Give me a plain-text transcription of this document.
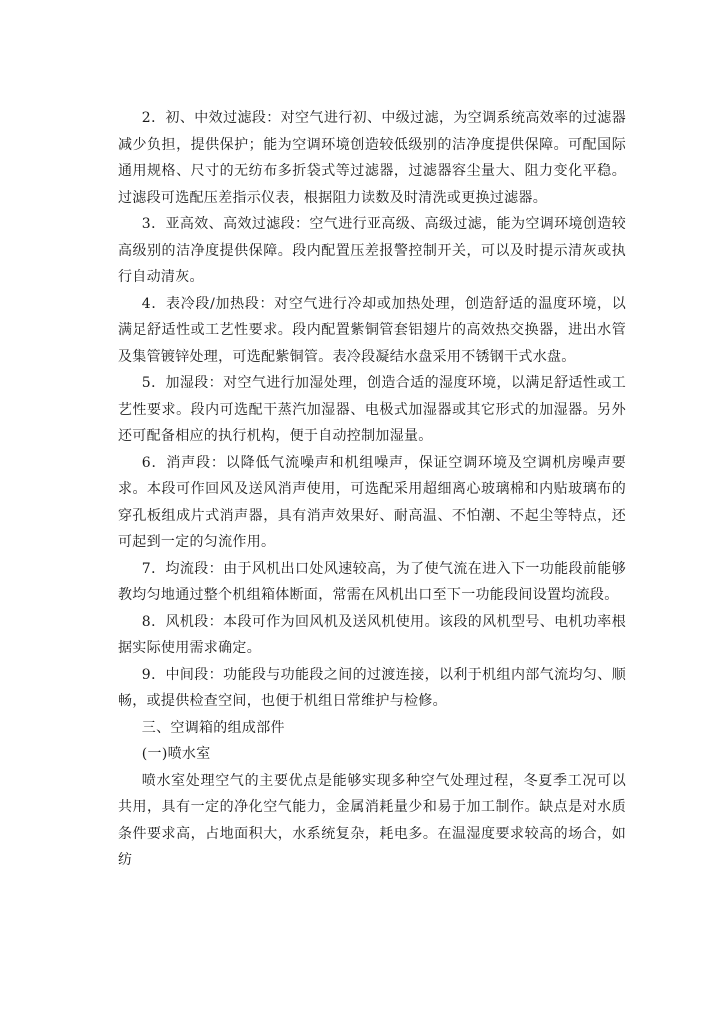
2．初、中效过滤段：对空气进行初、中级过滤，为空调系统高效率的过滤器减少负担，提供保护；能为空调环境创造较低级别的洁净度提供保障。可配国际通用规格、尺寸的无纺布多折袋式等过滤器，过滤器容尘量大、阻力变化平稳。过滤段可选配压差指示仪表，根据阻力读数及时清洗或更换过滤器。

3．亚高效、高效过滤段：空气进行亚高级、高级过滤，能为空调环境创造较高级别的洁净度提供保障。段内配置压差报警控制开关，可以及时提示清灰或执行自动清灰。

4．表冷段/加热段：对空气进行冷却或加热处理，创造舒适的温度环境，以满足舒适性或工艺性要求。段内配置紫铜管套铝翅片的高效热交换器，进出水管及集管镀锌处理，可选配紫铜管。表冷段凝结水盘采用不锈钢干式水盘。

5．加湿段：对空气进行加湿处理，创造合适的湿度环境，以满足舒适性或工艺性要求。段内可选配干蒸汽加湿器、电极式加湿器或其它形式的加湿器。另外还可配备相应的执行机构，便于自动控制加湿量。

6．消声段：以降低气流噪声和机组噪声，保证空调环境及空调机房噪声要求。本段可作回风及送风消声使用，可选配采用超细离心玻璃棉和内贴玻璃布的穿孔板组成片式消声器，具有消声效果好、耐高温、不怕潮、不起尘等特点，还可起到一定的匀流作用。

7．均流段：由于风机出口处风速较高，为了使气流在进入下一功能段前能够教均匀地通过整个机组箱体断面，常需在风机出口至下一功能段间设置均流段。

8．风机段：本段可作为回风机及送风机使用。该段的风机型号、电机功率根据实际使用需求确定。

9．中间段：功能段与功能段之间的过渡连接，以利于机组内部气流均匀、顺畅，或提供检查空间，也便于机组日常维护与检修。

三、空调箱的组成部件

(一)喷水室

喷水室处理空气的主要优点是能够实现多种空气处理过程，冬夏季工况可以共用，具有一定的净化空气能力，金属消耗量少和易于加工制作。缺点是对水质条件要求高，占地面积大，水系统复杂，耗电多。在温湿度要求较高的场合，如纺
